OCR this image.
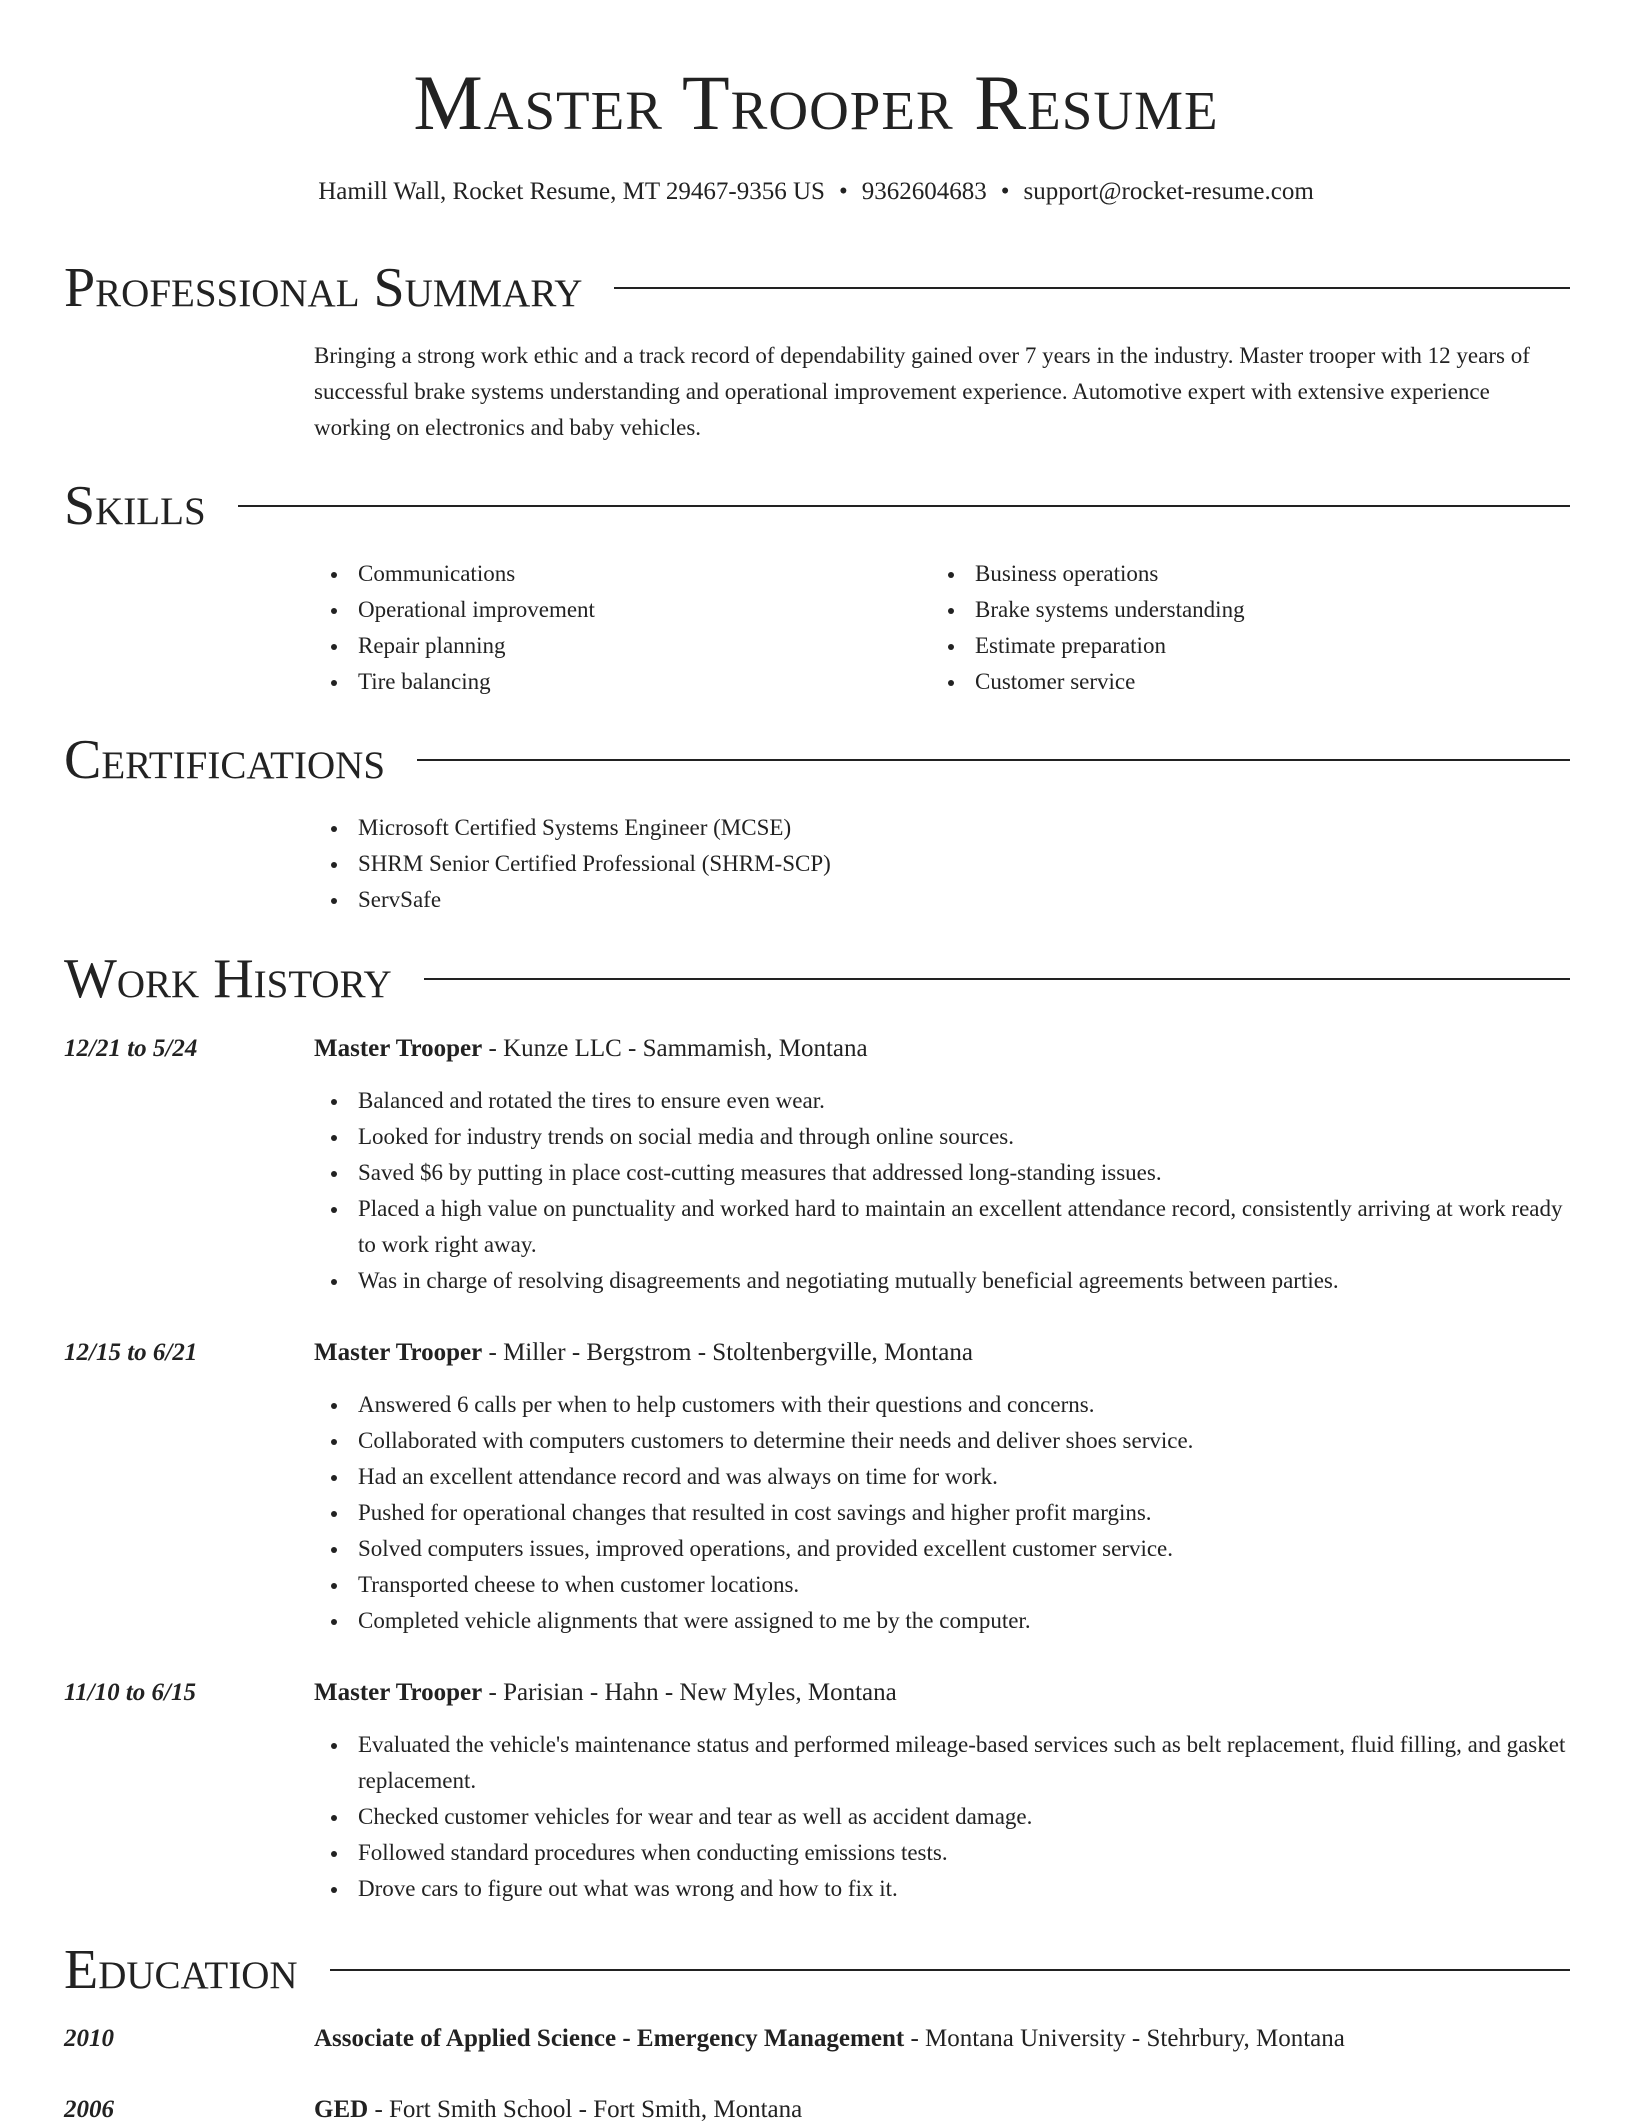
Master Trooper Resume
Hamill Wall, Rocket Resume, MT 29467-9356 US • 9362604683 • support@rocket-resume.com
Professional Summary
Bringing a strong work ethic and a track record of dependability gained over 7 years in the industry. Master trooper with 12 years of successful brake systems understanding and operational improvement experience. Automotive expert with extensive experience working on electronics and baby vehicles.
Skills
Communications
Operational improvement
Repair planning
Tire balancing
Business operations
Brake systems understanding
Estimate preparation
Customer service
Certifications
Microsoft Certified Systems Engineer (MCSE)
SHRM Senior Certified Professional (SHRM-SCP)
ServSafe
Work History
12/21 to 5/24	Master Trooper - Kunze LLC - Sammamish, Montana
Balanced and rotated the tires to ensure even wear.
Looked for industry trends on social media and through online sources.
Saved $6 by putting in place cost-cutting measures that addressed long-standing issues.
Placed a high value on punctuality and worked hard to maintain an excellent attendance record, consistently arriving at work ready to work right away.
Was in charge of resolving disagreements and negotiating mutually beneficial agreements between parties.
12/15 to 6/21	Master Trooper - Miller - Bergstrom - Stoltenbergville, Montana
Answered 6 calls per when to help customers with their questions and concerns.
Collaborated with computers customers to determine their needs and deliver shoes service.
Had an excellent attendance record and was always on time for work.
Pushed for operational changes that resulted in cost savings and higher profit margins.
Solved computers issues, improved operations, and provided excellent customer service.
Transported cheese to when customer locations.
Completed vehicle alignments that were assigned to me by the computer.
11/10 to 6/15	Master Trooper - Parisian - Hahn - New Myles, Montana
Evaluated the vehicle's maintenance status and performed mileage-based services such as belt replacement, fluid filling, and gasket replacement.
Checked customer vehicles for wear and tear as well as accident damage.
Followed standard procedures when conducting emissions tests.
Drove cars to figure out what was wrong and how to fix it.
Education
2010	Associate of Applied Science - Emergency Management - Montana University - Stehrbury, Montana
2006	GED - Fort Smith School - Fort Smith, Montana
